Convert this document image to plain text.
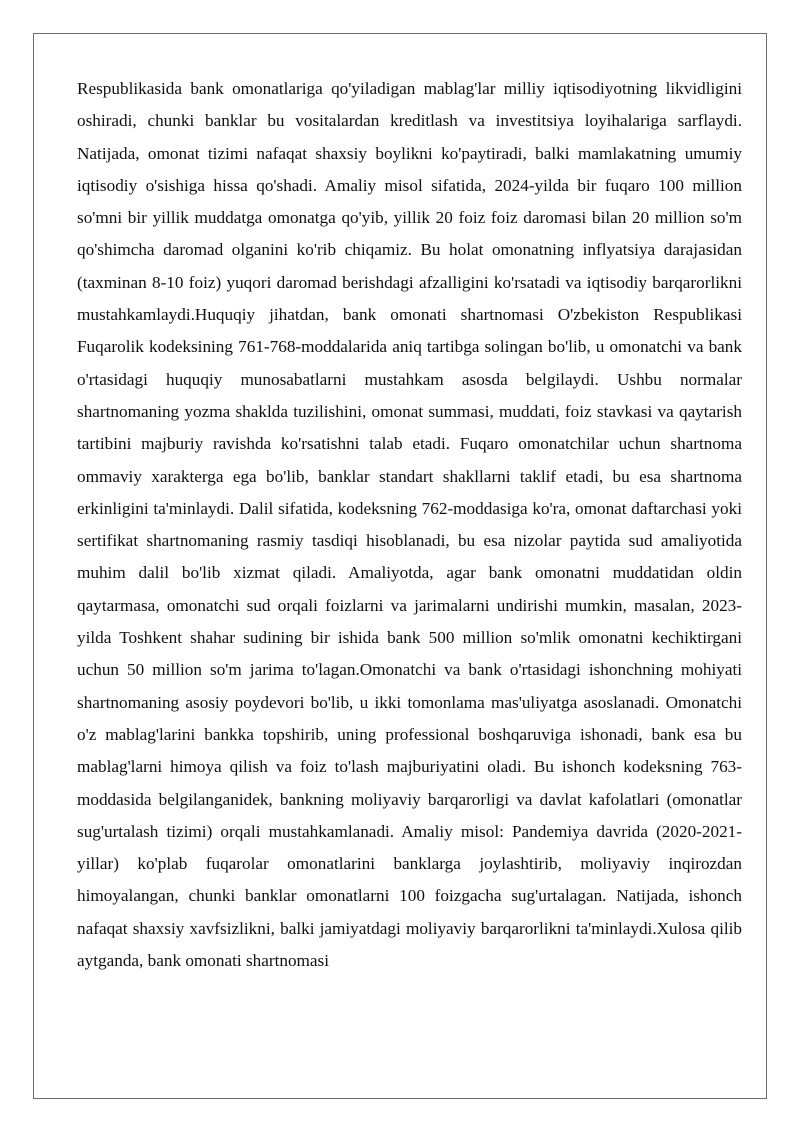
Respublikasida bank omonatlariga qo'yiladigan mablag'lar milliy iqtisodiyotning likvidligini oshiradi, chunki banklar bu vositalardan kreditlash va investitsiya loyihalariga sarflaydi. Natijada, omonat tizimi nafaqat shaxsiy boylikni ko'paytiradi, balki mamlakatning umumiy iqtisodiy o'sishiga hissa qo'shadi. Amaliy misol sifatida, 2024-yilda bir fuqaro 100 million so'mni bir yillik muddatga omonatga qo'yib, yillik 20 foiz foiz daromasi bilan 20 million so'm qo'shimcha daromad olganini ko'rib chiqamiz. Bu holat omonatning inflyatsiya darajasidan (taxminan 8-10 foiz) yuqori daromad berishdagi afzalligini ko'rsatadi va iqtisodiy barqarorlikni mustahkamlaydi.Huquqiy jihatdan, bank omonati shartnomasi O'zbekiston Respublikasi Fuqarolik kodeksining 761-768-moddalarida aniq tartibga solingan bo'lib, u omonatchi va bank o'rtasidagi huquqiy munosabatlarni mustahkam asosda belgilaydi. Ushbu normalar shartnomaning yozma shaklda tuzilishini, omonat summasi, muddati, foiz stavkasi va qaytarish tartibini majburiy ravishda ko'rsatishni talab etadi. Fuqaro omonatchilar uchun shartnoma ommaviy xarakterga ega bo'lib, banklar standart shakllarni taklif etadi, bu esa shartnoma erkinligini ta'minlaydi. Dalil sifatida, kodeksning 762-moddasiga ko'ra, omonat daftarchasi yoki sertifikat shartnomaning rasmiy tasdiqi hisoblanadi, bu esa nizolar paytida sud amaliyotida muhim dalil bo'lib xizmat qiladi. Amaliyotda, agar bank omonatni muddatidan oldin qaytarmasa, omonatchi sud orqali foizlarni va jarimalarni undirishi mumkin, masalan, 2023-yilda Toshkent shahar sudining bir ishida bank 500 million so'mlik omonatni kechiktirgani uchun 50 million so'm jarima to'lagan.Omonatchi va bank o'rtasidagi ishonchning mohiyati shartnomaning asosiy poydevori bo'lib, u ikki tomonlama mas'uliyatga asoslanadi. Omonatchi o'z mablag'larini bankka topshirib, uning professional boshqaruviga ishonadi, bank esa bu mablag'larni himoya qilish va foiz to'lash majburiyatini oladi. Bu ishonch kodeksning 763-moddasida belgilanganidek, bankning moliyaviy barqarorligi va davlat kafolatlari (omonatlar sug'urtalash tizimi) orqali mustahkamlanadi. Amaliy misol: Pandemiya davrida (2020-2021-yillar) ko'plab fuqarolar omonatlarini banklarga joylashtirib, moliyaviy inqirozdan himoyalangan, chunki banklar omonatlarni 100 foizgacha sug'urtalagan. Natijada, ishonch nafaqat shaxsiy xavfsizlikni, balki jamiyatdagi moliyaviy barqarorlikni ta'minlaydi.Xulosa qilib aytganda, bank omonati shartnomasi
